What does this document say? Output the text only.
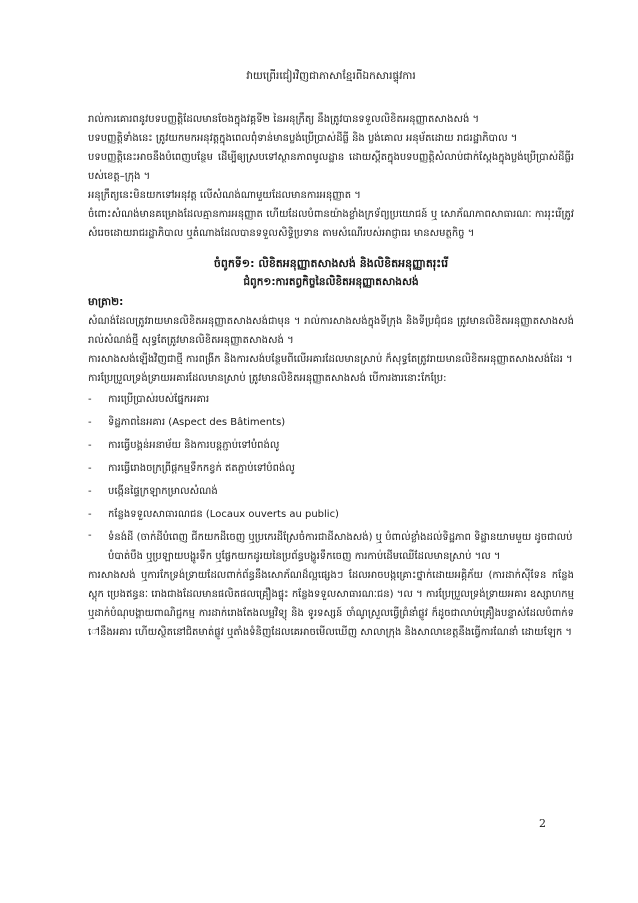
វាយព្រើរជៀរវិញជាភាសាខ្មែរពីឯកសារផ្ទុវការ

រាល់ការគោរពនូវបទបញ្ញត្តិដែលមានចែងក្នុងវគ្គទី២ នៃអនុក្រឹត្យ នឹងត្រូវបានទទួលលិខិតអនុញ្ញាតសាងសង់ ។

បទបញ្ញត្តិទាំងនេះ ត្រូវយកមកអនុវត្តក្នុងពេលពុំទាន់មានប្លង់ប្រើប្រាស់ដីធ្លី និង ប្លង់គោល អនុម័តដោយ រាជរដ្ឋាភិបាល ។

បទបញ្ញត្តិនេះអាចនឹងបំពេញបន្ថែម ដើម្បីឲ្យស្របទៅស្ថានភាពមូលដ្ឋាន ដោយស្តីតក្នុងបទបញ្ញត្តិសំលាប់ជាក់ស្តែងក្នុងប្លង់ប្រើប្រាស់ដីធ្លីរបស់ខេត្ត–ក្រុង ។

អនុក្រឹត្យនេះមិនយកទៅអនុវត្ត លើសំណង់ណាមួយដែលមានការអនុញ្ញាត ។

ចំពោះសំណង់មានគម្រោងដែលគ្មានការអនុញ្ញាត ហើយដែលបំពានយ៉ាងខ្លាំងក្រទ័ព្យប្រយោជន៍ ឬ សោភ័ណភាពសាធារណៈ ការរុះរើត្រូវសំរេចដោយរាជរដ្ឋាភិបាល ឬតំណាងដែលបានទទួលសិទ្ធិប្រទាន តាមសំណើរបស់អាជ្ញាធរ មានសមត្ថកិច្ច ។

ចំពូកទី១: លិខិតអនុញ្ញាតសាងសង់ និងលិខិតអនុញ្ញាតរុះរើ
ជំពូក១:ការតព្វកិច្ចនៃលិខិតអនុញ្ញាតសាងសង់
មាត្រា២:

សំណង់ដែលត្រូវរាយមានលិខិតអនុញ្ញាតសាងសង់ជាមុន ។ រាល់ការសាងសង់ក្នុងទីក្រុង និងទីប្រជុំជន ត្រូវមានលិខិតអនុញ្ញាតសាងសង់ រាល់សំណង់ថ្មី សុទ្ធតែត្រូវមានលិខិតអនុញ្ញាតសាងសង់ ។

ការសាងសង់ឡើងវិញជាថ្មី ការពង្រីក និងការសង់បន្ថែមពីលើអគារដែលមានស្រាប់ ក៏សុទ្ធតែត្រូវរាយមានលិខិតអនុញ្ញាតសាងសង់ដែរ ។

ការប្រែប្រួលទ្រង់ទ្រាយអគារដែលមានស្រាប់ ត្រូវមានលិខិតអនុញ្ញាតសាងសង់ បើការងារនោះកែប្រែ:

- ការប្រើប្រាស់របស់ផ្នែកអគារ
- ទិដ្ឋភាពនៃអគារ (Aspect des Bâtiments)
- ការធ្វើបង្គន់អនាម័យ និងការបន្តភ្ជាប់ទៅបំពង់លូ
- ការធ្វើរោងចក្រព្រីផ្ដកម្មទឹកកខ្វក់ ឥតភ្ជាប់ទៅបំពង់លូ
- បង្កើនផ្ទៃក្រឡាកម្រាលសំណង់
- កន្លែងទទួលសាធារណជន (Locaux ouverts au public)
- ទំនង់ដី (ចាក់ដីបំពេញ ជីកយកដីចេញ ឬប្រកេរដីស្រែចំការជាដីសាងសង់) ឬ បំពាល់ខ្លាំងដល់ទិដ្ឋភាព ទិដ្ឋានយាមមួយ ដូចជាលប់បំបាត់បឹង ឬប្រឡាយបង្ហូរទឹក ឬផ្លែកយកដូរយនៃប្រព័ន្ធបង្ហូរទឹកចេញ ការកាប់ដើមឈើដែលមានស្រាប់ ។ល ។

ការសាងសង់ ឬការកែទ្រង់ទ្រាយដែលពាក់ព័ន្ធនឹងសោភ័ណដ៏ល្អផ្សេងៗ ដែលអាចបង្កគ្រោះថ្នាក់ដោយអគ្គិភ័យ (ការដាក់ស៊ីទែន កន្លែងស្តុក ប្រេងឥន្ធនៈ រោងជាងដែលមានផលិតផលគ្រឿងផ្ទុះ កន្លែងទទួលសាធារណៈជន) ។ល ។ ការប្រែប្រួលទ្រង់ទ្រាយអគារ ឧស្សាហកម្ម ឬដាក់បំណុបង្គាយពាណិជ្ជកម្ម ការដាក់រោងតែងលម្អវិទ្យុ និង ទូរទស្សន៍ ចាំណូស្រួលធ្វើព្រំនាំផ្លូវ ក៏ដូចជាលាប់គ្រឿងបន្ទាស់ដែលបំពាក់ទៅនឹងអគារ ហើយស្ថិតនៅជិតមាត់ផ្លូវ ឬតាំងទំនិញដែលគេអាចមើលឃើញ សាលាក្រុង និងសាលាខេត្តនឹងធ្វើការណែនាំ ដោយឡែក ។

2
